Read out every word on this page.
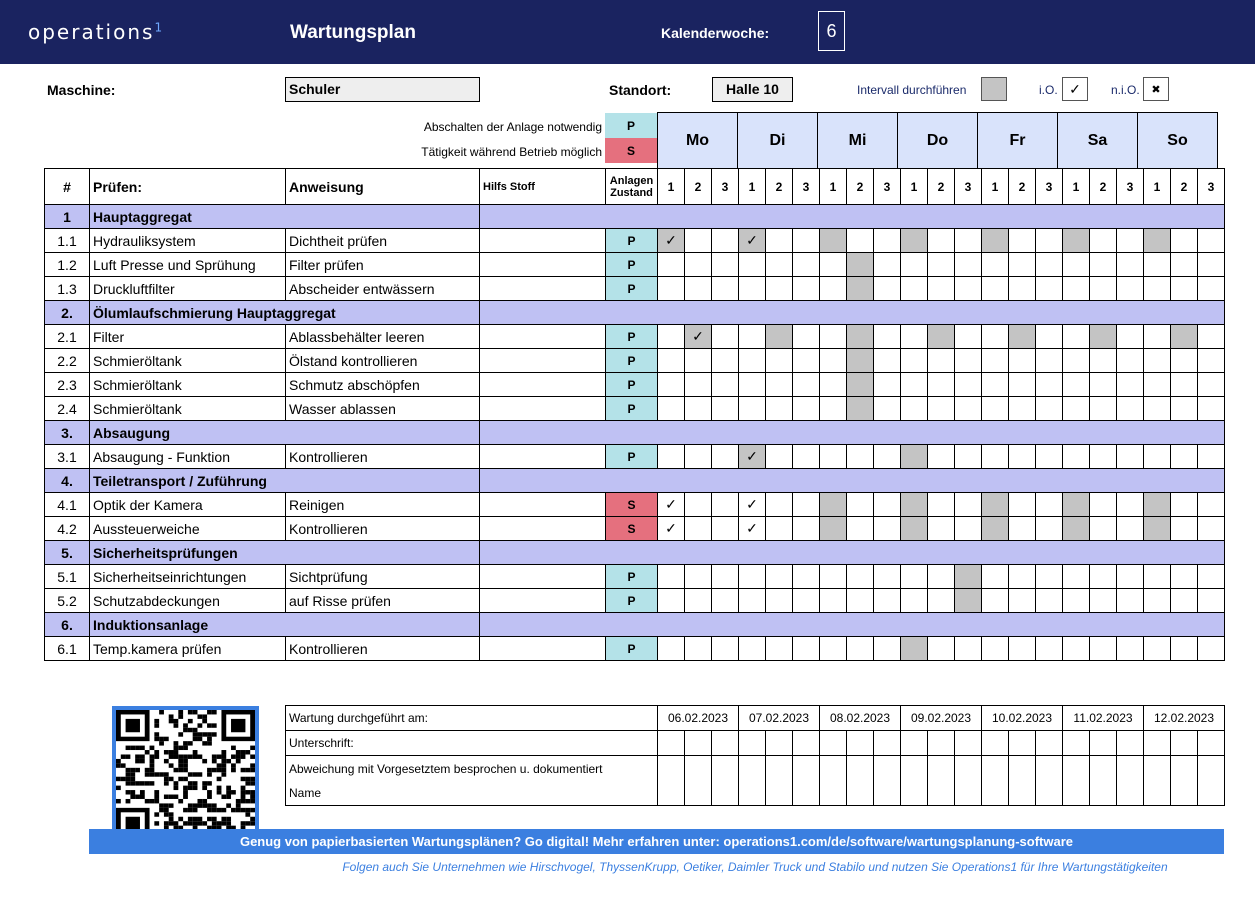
operations$^1$	Wartungsplan	Kalenderwoche:	6
Maschine:	Schuler	Standort:	Halle 10	Intervall durchführen	i.O. ✓	n.i.O.	✖
Abschalten der Anlage notwendig	P
Tätigkeit während Betrieb möglich	S
Mo	Di	Mi	Do	Fr	Sa	So
#	Prüfen:	Anweisung	Hilfs Stoff	Anlagen
Zustand	1	2	3	1	2	3	1	2	3	1	2	3	1	2	3	1	2	3	1	2	3
1	Hauptaggregat																								
1.1	Hydrauliksystem	Dichtheit prüfen		P	✓			✓																	
1.2	Luft Presse und Sprühung	Filter prüfen		P																					
1.3	Druckluftfilter	Abscheider entwässern		P																					
2.	Ölumlaufschmierung Hauptaggregat																								
2.1	Filter	Ablassbehälter leeren		P		✓																			
2.2	Schmieröltank	Ölstand kontrollieren		P																					
2.3	Schmieröltank	Schmutz abschöpfen		P																					
2.4	Schmieröltank	Wasser ablassen		P																					
3.	Absaugung																								
3.1	Absaugung - Funktion	Kontrollieren		P				✓																	
4.	Teiletransport / Zuführung																								
4.1	Optik der Kamera	Reinigen		S	✓			✓																	
4.2	Aussteuerweiche	Kontrollieren		S	✓			✓																	
5.	Sicherheitsprüfungen																								
5.1	Sicherheitseinrichtungen	Sichtprüfung		P																					
5.2	Schutzabdeckungen	auf Risse prüfen		P																					
6.	Induktionsanlage																								
6.1	Temp.kamera prüfen	Kontrollieren		P																					
Wartung durchgeführt am:	06.02.2023			07.02.2023			08.02.2023			09.02.2023			10.02.2023			11.02.2023			12.02.2023		
Unterschrift:																					
Abweichung mit Vorgesetztem besprochen u. dokumentiert
Name																					
Genug von papierbasierten Wartungsplänen? Go digital! Mehr erfahren unter: operations1.com/de/software/wartungsplanung-software
Folgen auch Sie Unternehmen wie Hirschvogel, ThyssenKrupp, Oetiker, Daimler Truck und Stabilo und nutzen Sie Operations1 für Ihre Wartungstätigkeiten
